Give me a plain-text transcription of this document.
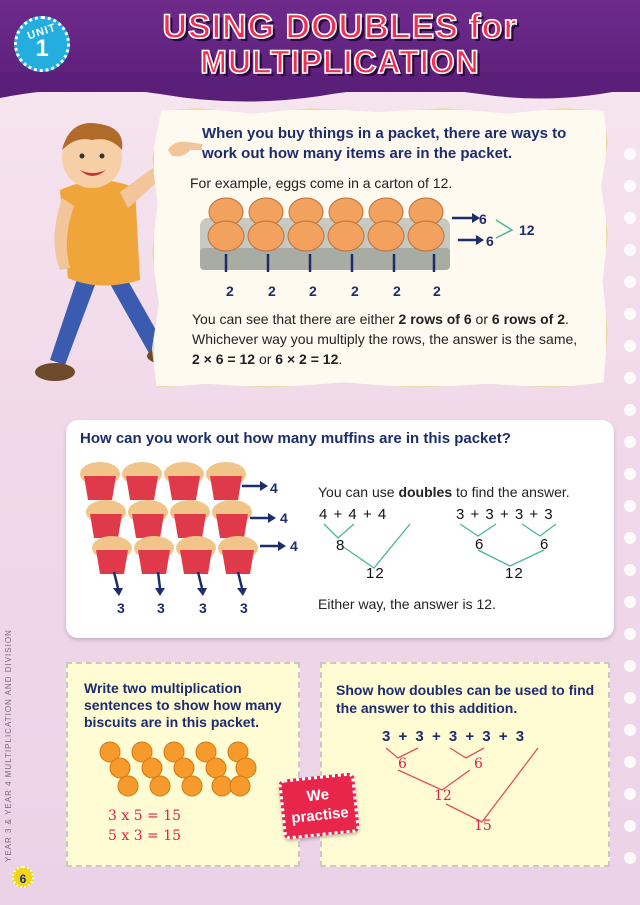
UNIT
1
USING DOUBLES for
MULTIPLICATION
When you buy things in a packet, there are ways to work out how many items are in the packet.
For example, eggs come in a carton of 12.
6
6
12
2 2 2 2 2 2
You can see that there are either 2 rows of 6 or 6 rows of 2.
Whichever way you multiply the rows, the answer is the same,
2 × 6 = 12 or 6 × 2 = 12.
How can you work out how many muffins are in this packet?
4
4
4
3 3 3 3
You can use doubles to find the answer.
4 + 4 + 4
8
12
3 + 3 + 3 + 3
6	6
12
Either way, the answer is 12.
Write two multiplication sentences to show how many biscuits are in this packet.
3 x 5 = 15
5 x 3 = 15
Show how doubles can be used to find the answer to this addition.
3 + 3 + 3 + 3 + 3
6	6
12
15
We
practise
YEAR 3 & YEAR 4 MULTIPLICATION AND DIVISION
6
